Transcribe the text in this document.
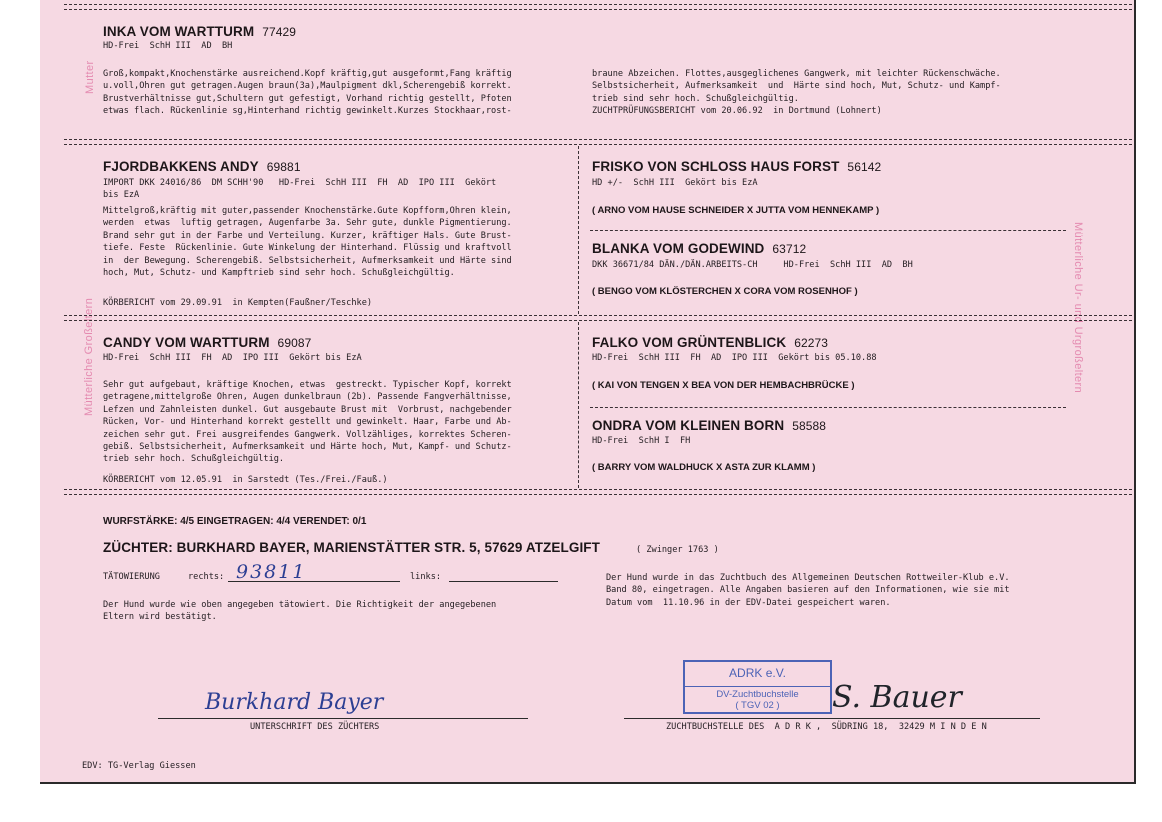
Mutter
Mütterliche Großeltern	Mütterliche Ur- und Urgroßeltern
INKA VOM WARTTURM 77429
HD-Frei  SchH III  AD  BH
Groß,kompakt,Knochenstärke ausreichend.Kopf kräftig,gut ausgeformt,Fang kräftig
u.voll,Ohren gut getragen.Augen braun(3a),Maulpigment dkl,Scherengebiß korrekt.
Brustverhältnisse gut,Schultern gut gefestigt, Vorhand richtig gestellt, Pfoten
etwas flach. Rückenlinie sg,Hinterhand richtig gewinkelt.Kurzes Stockhaar,rost-
braune Abzeichen. Flottes,ausgeglichenes Gangwerk, mit leichter Rückenschwäche.
Selbstsicherheit, Aufmerksamkeit  und  Härte sind hoch, Mut, Schutz- und Kampf-
trieb sind sehr hoch. Schußgleichgültig.
ZUCHTPRÜFUNGSBERICHT vom 20.06.92  in Dortmund (Lohnert)
FJORDBAKKENS ANDY 69881
IMPORT DKK 24016/86  DM SCHH'90   HD-Frei  SchH III  FH  AD  IPO III  Gekört
bis EzA
Mittelgroß,kräftig mit guter,passender Knochenstärke.Gute Kopfform,Ohren klein,
werden  etwas  luftig getragen, Augenfarbe 3a. Sehr gute, dunkle Pigmentierung.
Brand sehr gut in der Farbe und Verteilung. Kurzer, kräftiger Hals. Gute Brust-
tiefe. Feste  Rückenlinie. Gute Winkelung der Hinterhand. Flüssig und kraftvoll
in  der Bewegung. Scherengebiß. Selbstsicherheit, Aufmerksamkeit und Härte sind
hoch, Mut, Schutz- und Kampftrieb sind sehr hoch. Schußgleichgültig.
KÖRBERICHT vom 29.09.91  in Kempten(Faußner/Teschke)
FRISKO VON SCHLOSS HAUS FORST 56142
HD +/-  SchH III  Gekört bis EzA
( ARNO VOM HAUSE SCHNEIDER X JUTTA VOM HENNEKAMP )
BLANKA VOM GODEWIND 63712
DKK 36671/84 DÄN./DÄN.ARBEITS-CH     HD-Frei  SchH III  AD  BH
( BENGO VOM KLÖSTERCHEN X CORA VOM ROSENHOF )
CANDY VOM WARTTURM 69087
HD-Frei  SchH III  FH  AD  IPO III  Gekört bis EzA
Sehr gut aufgebaut, kräftige Knochen, etwas  gestreckt. Typischer Kopf, korrekt
getragene,mittelgroße Ohren, Augen dunkelbraun (2b). Passende Fangverhältnisse,
Lefzen und Zahnleisten dunkel. Gut ausgebaute Brust mit  Vorbrust, nachgebender
Rücken, Vor- und Hinterhand korrekt gestellt und gewinkelt. Haar, Farbe und Ab-
zeichen sehr gut. Frei ausgreifendes Gangwerk. Vollzähliges, korrektes Scheren-
gebiß. Selbstsicherheit, Aufmerksamkeit und Härte hoch, Mut, Kampf- und Schutz-
trieb sehr hoch. Schußgleichgültig.
KÖRBERICHT vom 12.05.91  in Sarstedt (Tes./Frei./Fauß.)
FALKO VOM GRÜNTENBLICK 62273
HD-Frei  SchH III  FH  AD  IPO III  Gekört bis 05.10.88
( KAI VON TENGEN X BEA VON DER HEMBACHBRÜCKE )
ONDRA VOM KLEINEN BORN 58588
HD-Frei  SchH I  FH
( BARRY VOM WALDHUCK X ASTA ZUR KLAMM )
WURFSTÄRKE: 4/5 EINGETRAGEN: 4/4 VERENDET: 0/1
ZÜCHTER: BURKHARD BAYER, MARIENSTÄTTER STR. 5, 57629 ATZELGIFT	( Zwinger 1763 )
TÄTOWIERUNG	rechts: 93811	links:
Der Hund wurde wie oben angegeben tätowiert. Die Richtigkeit der angegebenen
Eltern wird bestätigt.
Der Hund wurde in das Zuchtbuch des Allgemeinen Deutschen Rottweiler-Klub e.V.
Band 80, eingetragen. Alle Angaben basieren auf den Informationen, wie sie mit
Datum vom  11.10.96 in der EDV-Datei gespeichert waren.
ADRK e.V.
DV-Zuchtbuchstelle
( TGV 02 )
Burkhard Bayer
UNTERSCHRIFT DES ZÜCHTERS
S. Bauer
ZUCHTBUCHSTELLE DES  A D R K ,  SÜDRING 18,  32429 M I N D E N
EDV: TG-Verlag Giessen
